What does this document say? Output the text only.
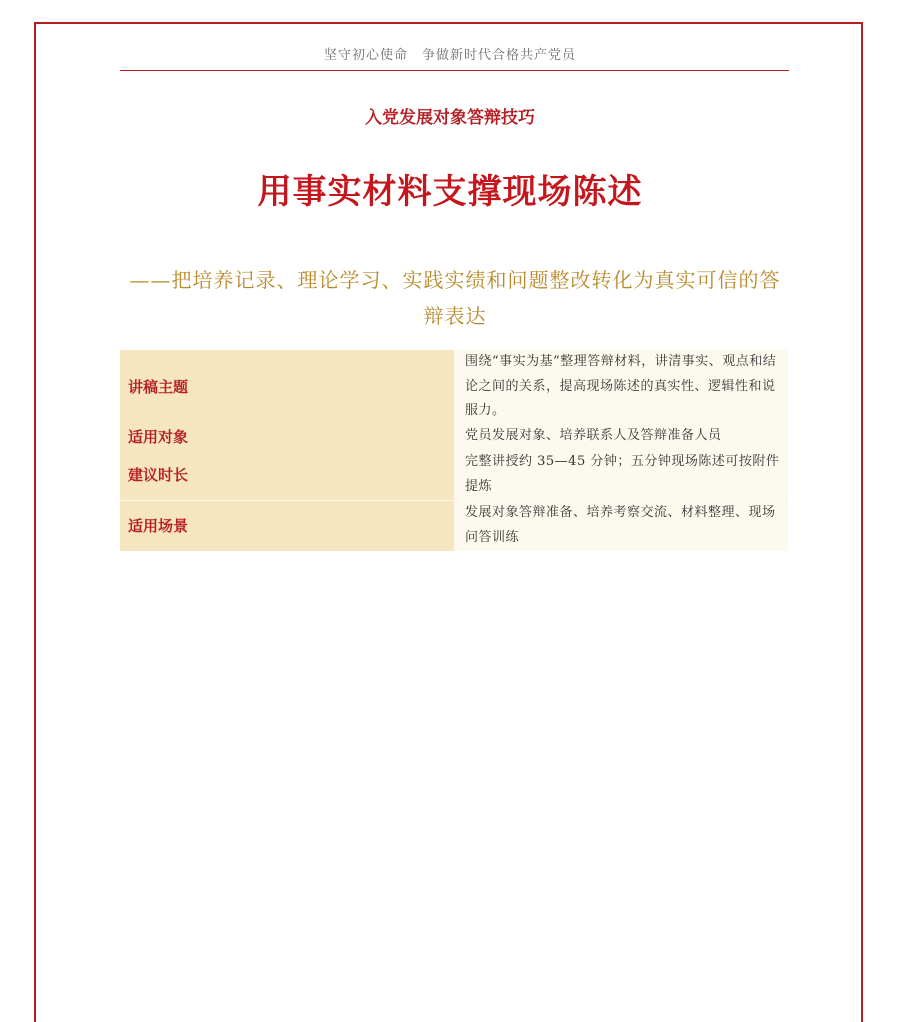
坚守初心使命　争做新时代合格共产党员
入党发展对象答辩技巧
用事实材料支撑现场陈述
——把培养记录、理论学习、实践实绩和问题整改转化为真实可信的答辩表达
讲稿主题	围绕“事实为基”整理答辩材料，讲清事实、观点和结论之间的关系，提高现场陈述的真实性、逻辑性和说服力。
适用对象	党员发展对象、培养联系人及答辩准备人员
建议时长	完整讲授约 35—45 分钟；五分钟现场陈述可按附件提炼
适用场景	发展对象答辩准备、培养考察交流、材料整理、现场问答训练
